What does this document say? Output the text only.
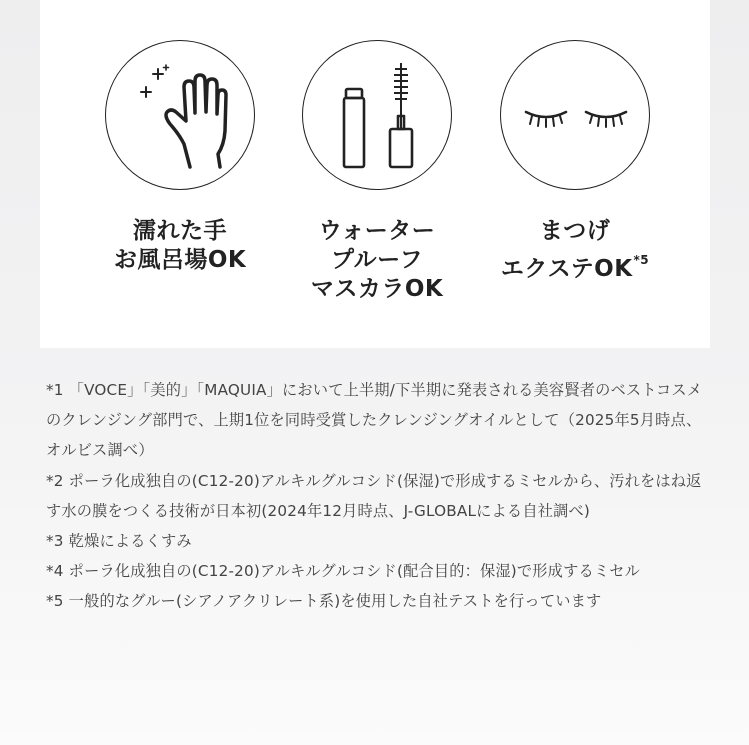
濡れた手
お風呂場OK
ウォーター
プルーフ
マスカラOK
まつげ
エクステOK$^{*5}$

*1 「VOCE」「美的」「MAQUIA」において上半期/下半期に発表される美容賢者のベストコスメのクレンジング部門で、上期1位を同時受賞したクレンジングオイルとして（2025年5月時点、オルビス調べ）

*2 ポーラ化成独自の(C12-20)アルキルグルコシド(保湿)で形成するミセルから、汚れをはね返す水の膜をつくる技術が日本初(2024年12月時点、J-GLOBALによる自社調べ)

*3 乾燥によるくすみ

*4 ポーラ化成独自の(C12-20)アルキルグルコシド(配合目的：保湿)で形成するミセル

*5 一般的なグルー(シアノアクリレート系)を使用した自社テストを行っています
